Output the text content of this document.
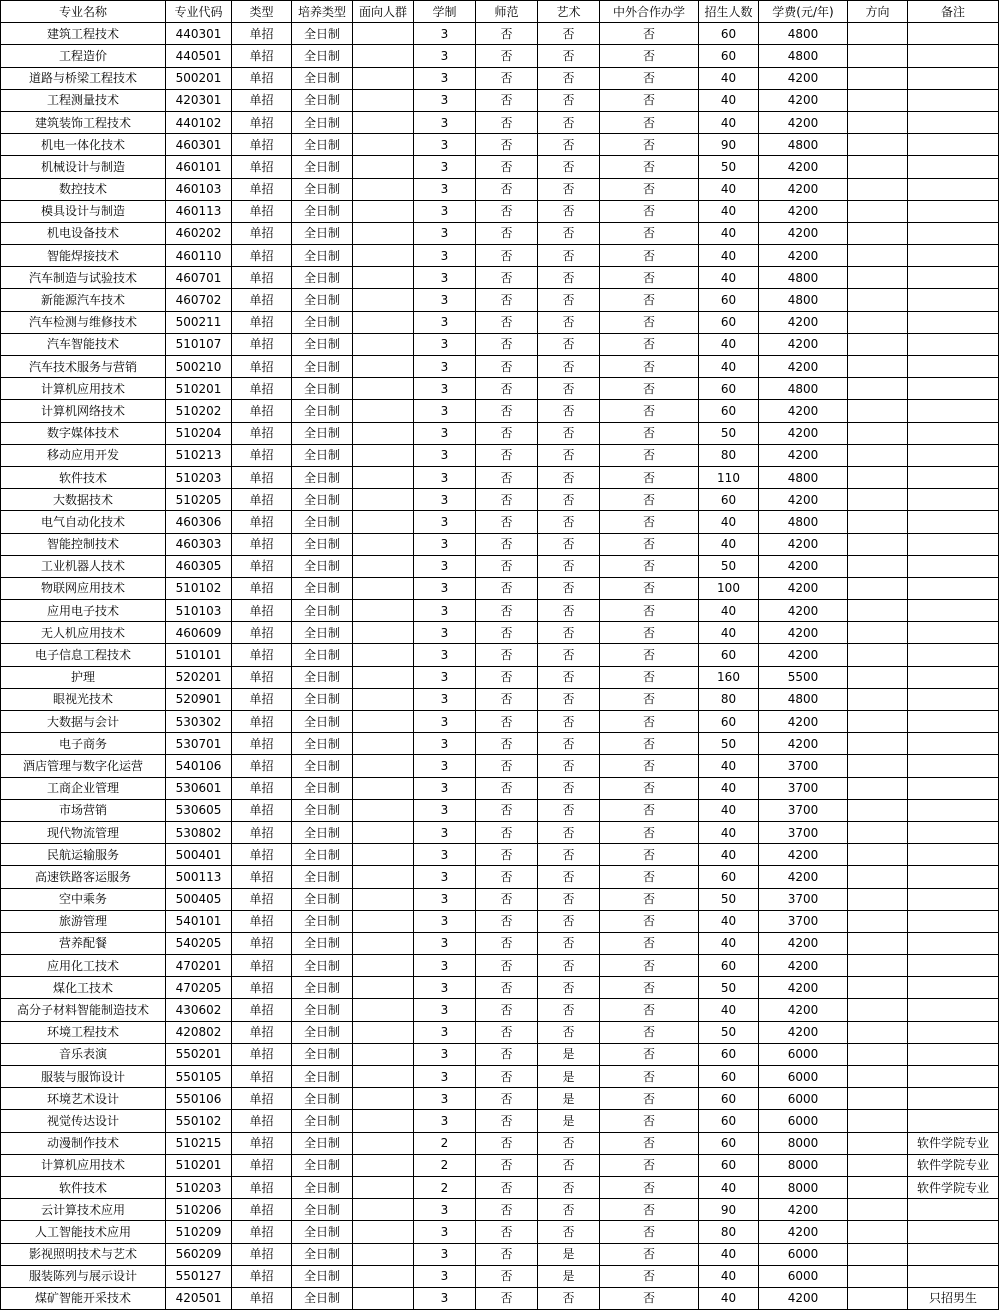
专业名称	专业代码	类型	培养类型	面向人群	学制	师范	艺术	中外合作办学	招生人数	学费(元/年)	方向	备注
建筑工程技术	440301	单招	全日制		3	否	否	否	60	4800		
工程造价	440501	单招	全日制		3	否	否	否	60	4800		
道路与桥梁工程技术	500201	单招	全日制		3	否	否	否	40	4200		
工程测量技术	420301	单招	全日制		3	否	否	否	40	4200		
建筑装饰工程技术	440102	单招	全日制		3	否	否	否	40	4200		
机电一体化技术	460301	单招	全日制		3	否	否	否	90	4800		
机械设计与制造	460101	单招	全日制		3	否	否	否	50	4200		
数控技术	460103	单招	全日制		3	否	否	否	40	4200		
模具设计与制造	460113	单招	全日制		3	否	否	否	40	4200		
机电设备技术	460202	单招	全日制		3	否	否	否	40	4200		
智能焊接技术	460110	单招	全日制		3	否	否	否	40	4200		
汽车制造与试验技术	460701	单招	全日制		3	否	否	否	40	4800		
新能源汽车技术	460702	单招	全日制		3	否	否	否	60	4800		
汽车检测与维修技术	500211	单招	全日制		3	否	否	否	60	4200		
汽车智能技术	510107	单招	全日制		3	否	否	否	40	4200		
汽车技术服务与营销	500210	单招	全日制		3	否	否	否	40	4200		
计算机应用技术	510201	单招	全日制		3	否	否	否	60	4800		
计算机网络技术	510202	单招	全日制		3	否	否	否	60	4200		
数字媒体技术	510204	单招	全日制		3	否	否	否	50	4200		
移动应用开发	510213	单招	全日制		3	否	否	否	80	4200		
软件技术	510203	单招	全日制		3	否	否	否	110	4800		
大数据技术	510205	单招	全日制		3	否	否	否	60	4200		
电气自动化技术	460306	单招	全日制		3	否	否	否	40	4800		
智能控制技术	460303	单招	全日制		3	否	否	否	40	4200		
工业机器人技术	460305	单招	全日制		3	否	否	否	50	4200		
物联网应用技术	510102	单招	全日制		3	否	否	否	100	4200		
应用电子技术	510103	单招	全日制		3	否	否	否	40	4200		
无人机应用技术	460609	单招	全日制		3	否	否	否	40	4200		
电子信息工程技术	510101	单招	全日制		3	否	否	否	60	4200		
护理	520201	单招	全日制		3	否	否	否	160	5500		
眼视光技术	520901	单招	全日制		3	否	否	否	80	4800		
大数据与会计	530302	单招	全日制		3	否	否	否	60	4200		
电子商务	530701	单招	全日制		3	否	否	否	50	4200		
酒店管理与数字化运营	540106	单招	全日制		3	否	否	否	40	3700		
工商企业管理	530601	单招	全日制		3	否	否	否	40	3700		
市场营销	530605	单招	全日制		3	否	否	否	40	3700		
现代物流管理	530802	单招	全日制		3	否	否	否	40	3700		
民航运输服务	500401	单招	全日制		3	否	否	否	40	4200		
高速铁路客运服务	500113	单招	全日制		3	否	否	否	60	4200		
空中乘务	500405	单招	全日制		3	否	否	否	50	3700		
旅游管理	540101	单招	全日制		3	否	否	否	40	3700		
营养配餐	540205	单招	全日制		3	否	否	否	40	4200		
应用化工技术	470201	单招	全日制		3	否	否	否	60	4200		
煤化工技术	470205	单招	全日制		3	否	否	否	50	4200		
高分子材料智能制造技术	430602	单招	全日制		3	否	否	否	40	4200		
环境工程技术	420802	单招	全日制		3	否	否	否	50	4200		
音乐表演	550201	单招	全日制		3	否	是	否	60	6000		
服装与服饰设计	550105	单招	全日制		3	否	是	否	60	6000		
环境艺术设计	550106	单招	全日制		3	否	是	否	60	6000		
视觉传达设计	550102	单招	全日制		3	否	是	否	60	6000		
动漫制作技术	510215	单招	全日制		2	否	否	否	60	8000		软件学院专业
计算机应用技术	510201	单招	全日制		2	否	否	否	60	8000		软件学院专业
软件技术	510203	单招	全日制		2	否	否	否	40	8000		软件学院专业
云计算技术应用	510206	单招	全日制		3	否	否	否	90	4200		
人工智能技术应用	510209	单招	全日制		3	否	否	否	80	4200		
影视照明技术与艺术	560209	单招	全日制		3	否	是	否	40	6000		
服装陈列与展示设计	550127	单招	全日制		3	否	是	否	40	6000		
煤矿智能开采技术	420501	单招	全日制		3	否	否	否	40	4200		只招男生
